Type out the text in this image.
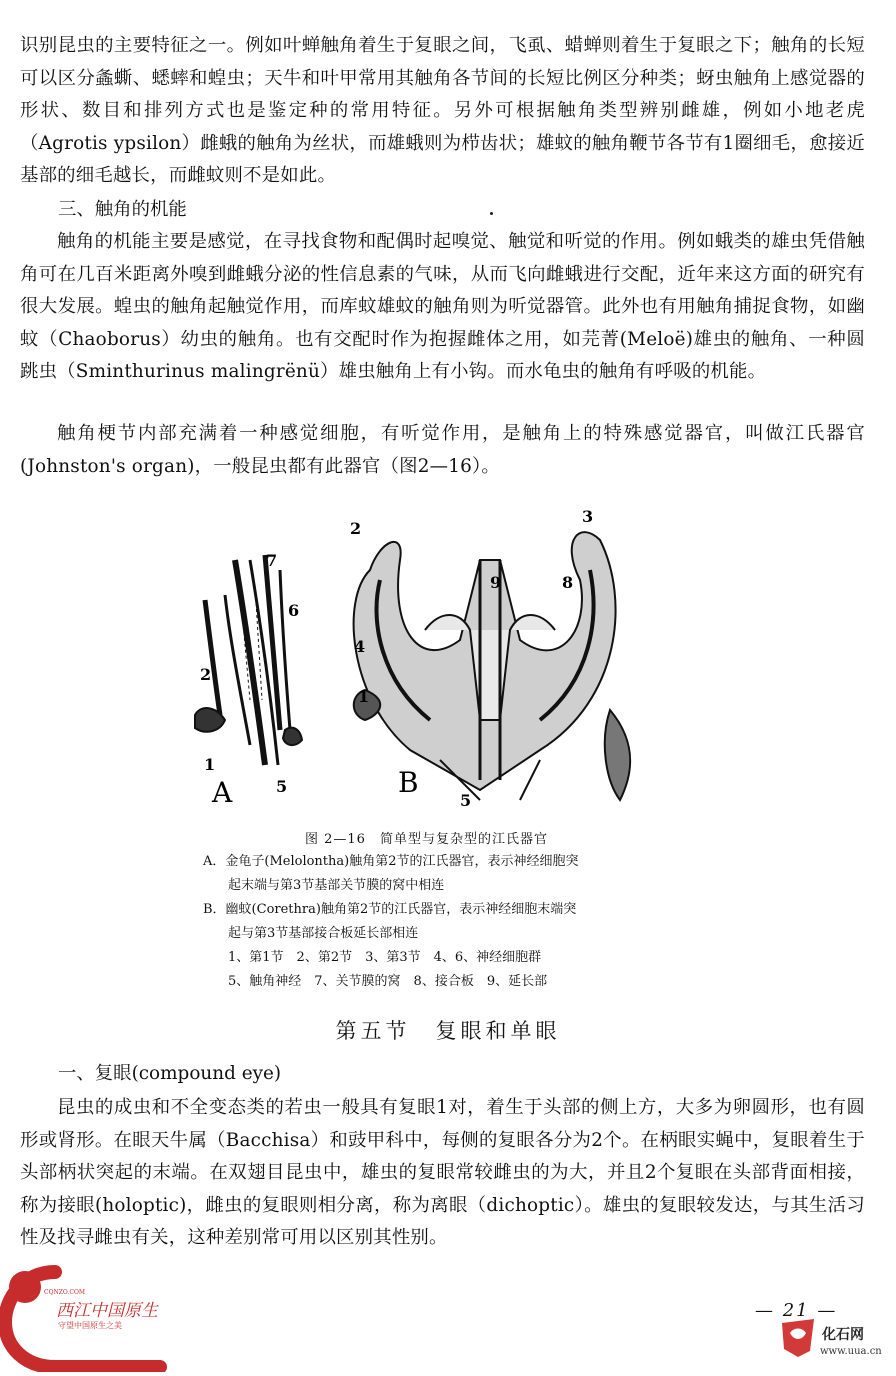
识别昆虫的主要特征之一。例如叶蝉触角着生于复眼之间，飞虱、蜡蝉则着生于复眼之下；触角的长短可以区分螽蟖、蟋蟀和蝗虫；天牛和叶甲常用其触角各节间的长短比例区分种类；蚜虫触角上感觉器的形状、数目和排列方式也是鉴定种的常用特征。另外可根据触角类型辨别雌雄，例如小地老虎（Agrotis ypsilon）雌蛾的触角为丝状，而雄蛾则为栉齿状；雄蚊的触角鞭节各节有1圈细毛，愈接近基部的细毛越长，而雌蚊则不是如此。

三、触角的机能

触角的机能主要是感觉，在寻找食物和配偶时起嗅觉、触觉和听觉的作用。例如蛾类的雄虫凭借触角可在几百米距离外嗅到雌蛾分泌的性信息素的气味，从而飞向雌蛾进行交配，近年来这方面的研究有很大发展。蝗虫的触角起触觉作用，而库蚊雄蚊的触角则为听觉器管。此外也有用触角捕捉食物，如幽蚊（Chaoborus）幼虫的触角。也有交配时作为抱握雌体之用，如芫菁(Meloë)雄虫的触角、一种圆跳虫（Sminthurinus malingrënü）雄虫触角上有小钩。而水龟虫的触角有呼吸的机能。

触角梗节内部充满着一种感觉细胞，有听觉作用，是触角上的特殊感觉器官，叫做江氏器官(Johnston's organ)，一般昆虫都有此器官（图2—16）。

1
2
5
6
7
A
1
2
3
4
5
8
9
B

图 2—16　简单型与复杂型的江氏器官

A．金龟子(Melolontha)触角第2节的江氏器官，表示神经细胞突

起末端与第3节基部关节膜的窝中相连

B．幽蚊(Corethra)触角第2节的江氏器官，表示神经细胞末端突

起与第3节基部接合板延长部相连

1、第1节　2、第2节　3、第3节　4、6、神经细胞群

5、触角神经　7、关节膜的窝　8、接合板　9、延长部

第五节　复眼和单眼

一、复眼(compound eye)

昆虫的成虫和不全变态类的若虫一般具有复眼1对，着生于头部的侧上方，大多为卵圆形，也有圆形或肾形。在眼天牛属（Bacchisa）和豉甲科中，每侧的复眼各分为2个。在柄眼实蝇中，复眼着生于头部柄状突起的末端。在双翅目昆虫中，雄虫的复眼常较雌虫的为大，并且2个复眼在头部背面相接，称为接眼(holoptic)，雌虫的复眼则相分离，称为离眼（dichoptic）。雄虫的复眼较发达，与其生活习性及找寻雌虫有关，这种差别常可用以区别其性别。

— 21 —

CQNZO.COM

西江中国原生

守望中国原生之美

化石网

www.uua.cn
